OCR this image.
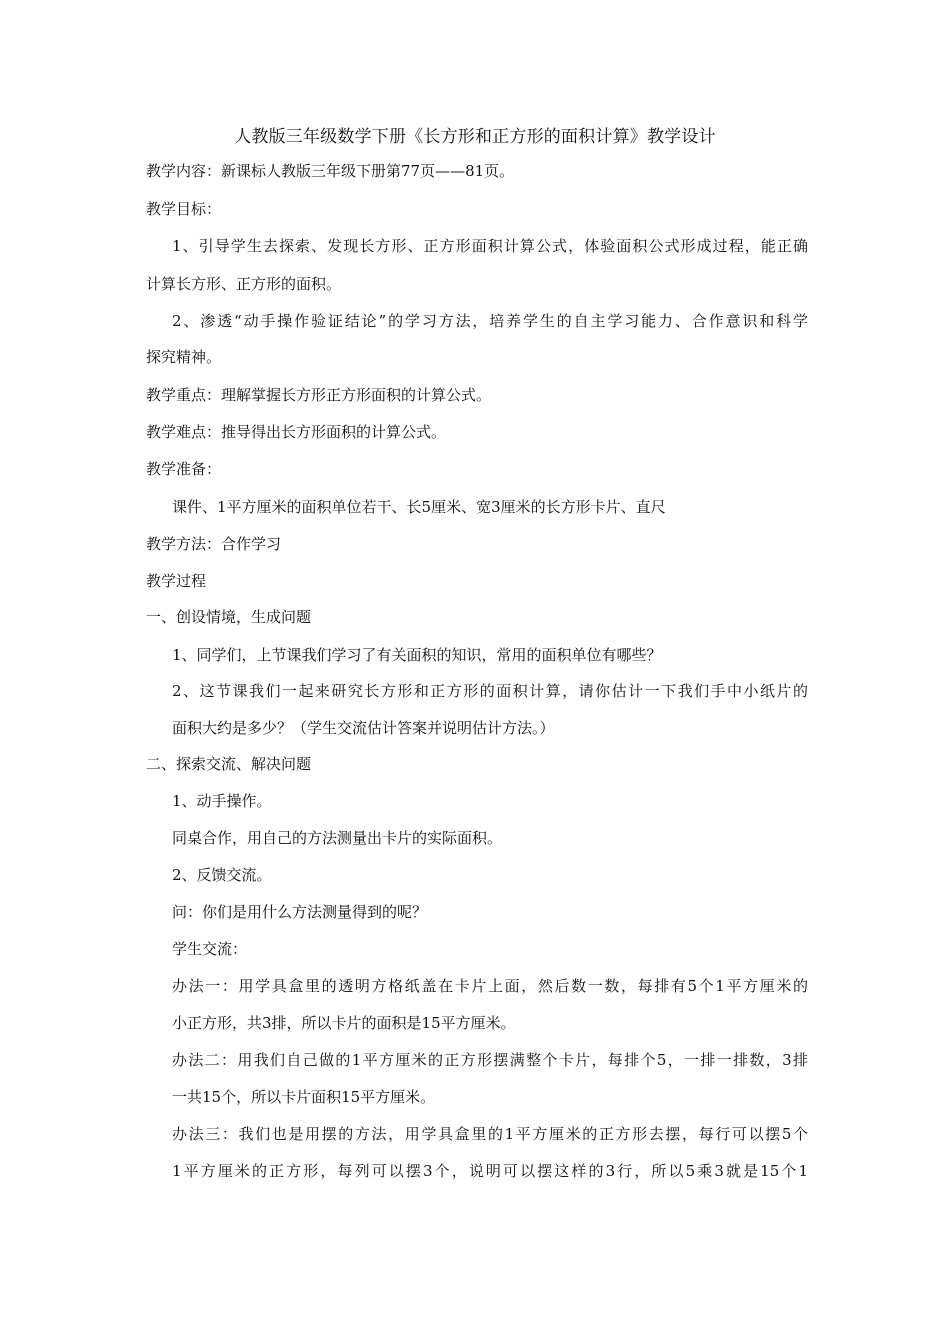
人教版三年级数学下册《长方形和正方形的面积计算》教学设计
教学内容：新课标人教版三年级下册第77页——81页。
教学目标：
1、引导学生去探索、发现长方形、正方形面积计算公式，体验面积公式形成过程，能正确
计算长方形、正方形的面积。
2、渗透“动手操作验证结论”的学习方法，培养学生的自主学习能力、合作意识和科学
探究精神。
教学重点：理解掌握长方形正方形面积的计算公式。
教学难点：推导得出长方形面积的计算公式。
教学准备：
课件、1平方厘米的面积单位若干、长5厘米、宽3厘米的长方形卡片、直尺
教学方法：合作学习
教学过程
一、创设情境，生成问题
1、同学们，上节课我们学习了有关面积的知识，常用的面积单位有哪些？
2、这节课我们一起来研究长方形和正方形的面积计算，请你估计一下我们手中小纸片的
面积大约是多少？（学生交流估计答案并说明估计方法。）
二、探索交流、解决问题
1、动手操作。
同桌合作，用自己的方法测量出卡片的实际面积。
2、反馈交流。
问：你们是用什么方法测量得到的呢？
学生交流：
办法一：用学具盒里的透明方格纸盖在卡片上面，然后数一数，每排有5个1平方厘米的
小正方形，共3排，所以卡片的面积是15平方厘米。
办法二：用我们自己做的1平方厘米的正方形摆满整个卡片，每排个5，一排一排数，3排
一共15个，所以卡片面积15平方厘米。
办法三：我们也是用摆的方法，用学具盒里的1平方厘米的正方形去摆，每行可以摆5个
1平方厘米的正方形，每列可以摆3个，说明可以摆这样的3行，所以5乘3就是15个1
